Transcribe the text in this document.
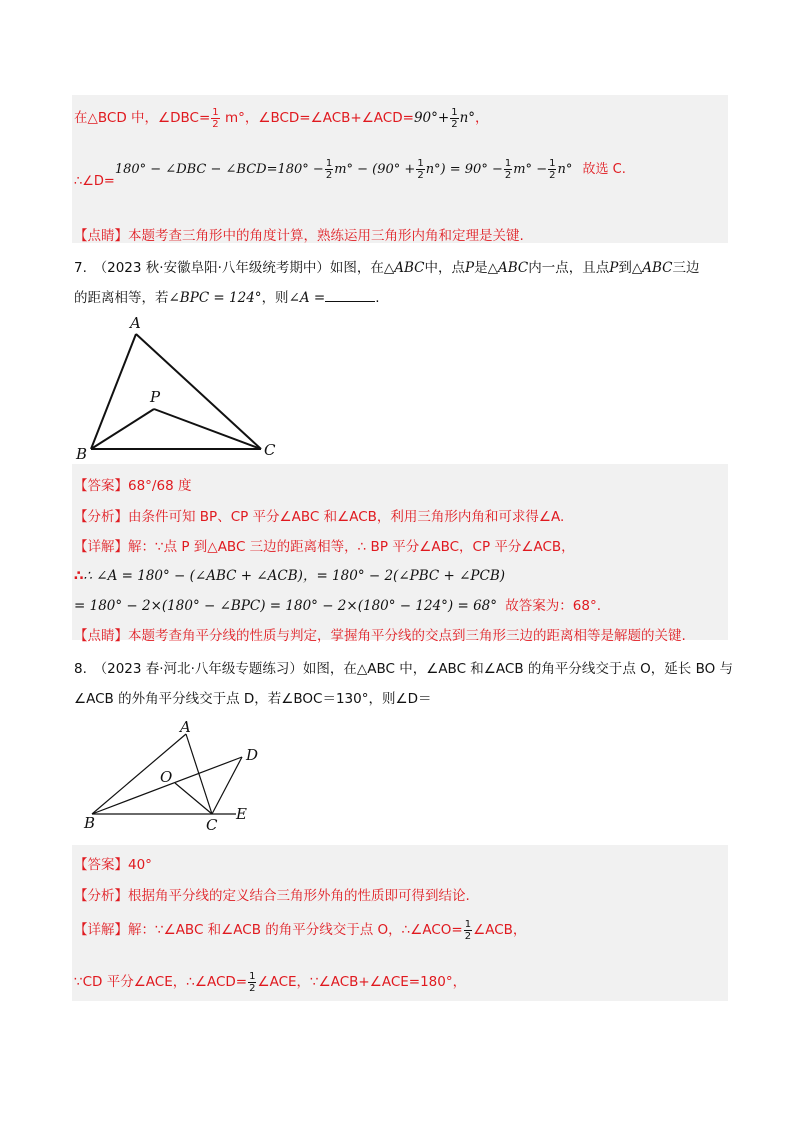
在△BCD 中，∠DBC= $\frac{1}{2} m^\circ$，∠BCD=∠ACB+∠ACD=90°+ $\frac{1}{2} n^\circ$，
∴∠D=180° − ∠DBC − ∠BCD=180° − $\frac{1}{2} m^\circ - (90^\circ + \frac{1}{2} n^\circ) = 90^\circ - \frac{1}{2} m^\circ - \frac{1}{2} n^\circ$ 故选 C.
【点睛】本题考查三角形中的角度计算，熟练运用三角形内角和定理是关键.
7.　（2023 秋·安徽阜阳·八年级统考期中）如图，在△ABC中，点P是△ABC内一点，且点P到△ABC三边
的距离相等，若∠BPC = 124°，则∠A =	.
A
P
B	C
【答案】68°/68 度
【分析】由条件可知 BP、CP 平分∠ABC 和∠ACB，利用三角形内角和可求得∠A.
【详解】解：∵点 P 到△ABC 三边的距离相等，∴ BP 平分∠ABC，CP 平分∠ACB，
∴∴ ∠A = 180° − (∠ABC + ∠ACB)，= 180° − 2(∠PBC + ∠PCB)
= 180° − 2×(180° − ∠BPC) = 180° − 2×(180° − 124°) = 68° 故答案为：68°.
【点睛】本题考查角平分线的性质与判定，掌握角平分线的交点到三角形三边的距离相等是解题的关键.
8.　（2023 春·河北·八年级专题练习）如图，在△ABC 中，∠ABC 和∠ACB 的角平分线交于点 O，延长 BO 与
∠ACB 的外角平分线交于点 D，若∠BOC＝130°，则∠D＝
A
D
O
B	C
E
【答案】40°
【分析】根据角平分线的定义结合三角形外角的性质即可得到结论.
【详解】解：∵∠ABC 和∠ACB 的角平分线交于点 O，∴∠ACO= $\frac{1}{2}$ ∠ACB，
∵CD 平分∠ACE，∴∠ACD= $\frac{1}{2}$ ∠ACE，∵∠ACB+∠ACE=180°，
